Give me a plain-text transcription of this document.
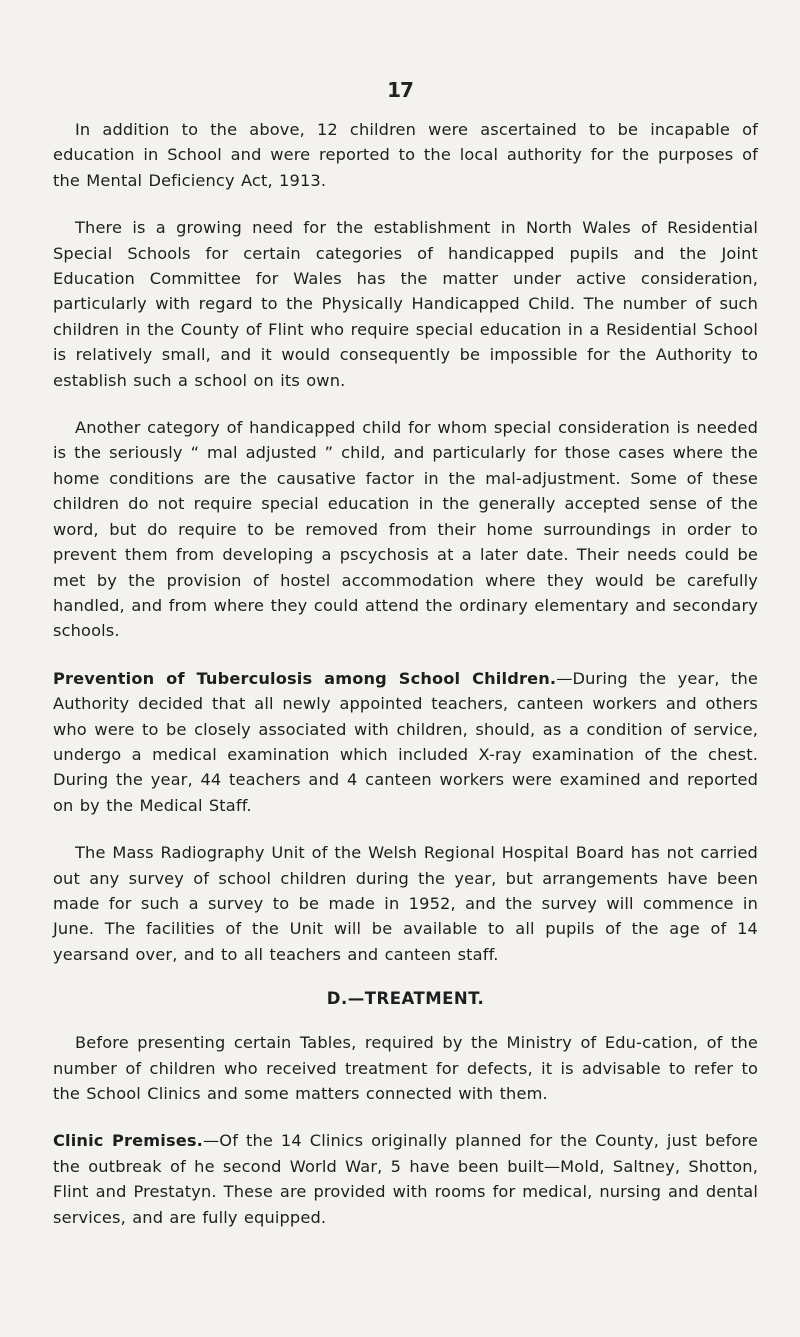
17

In addition to the above, 12 children were ascertained to be incapable of education in School and were reported to the local authority for the purposes of the Mental Deficiency Act, 1913.

There is a growing need for the establishment in North Wales of Residential Special Schools for certain categories of handicapped pupils and the Joint Education Committee for Wales has the matter under active consideration, particularly with regard to the Physically Handicapped Child. The number of such children in the County of Flint who require special education in a Residential School is relatively small, and it would consequently be impossible for the Authority to establish such a school on its own.

Another category of handicapped child for whom special consideration is needed is the seriously “ mal adjusted ” child, and particularly for those cases where the home conditions are the causative factor in the mal-adjustment. Some of these children do not require special education in the generally accepted sense of the word, but do require to be removed from their home surroundings in order to prevent them from developing a pscychosis at a later date. Their needs could be met by the provision of hostel accommodation where they would be carefully handled, and from where they could attend the ordinary elementary and secondary schools.

Prevention of Tuberculosis among School Children.—During the year, the Authority decided that all newly appointed teachers, canteen workers and others who were to be closely associated with children, should, as a condition of service, undergo a medical examination which included X-ray examination of the chest. During the year, 44 teachers and 4 canteen workers were examined and reported on by the Medical Staff.

The Mass Radiography Unit of the Welsh Regional Hospital Board has not carried out any survey of school children during the year, but arrangements have been made for such a survey to be made in 1952, and the survey will commence in June. The facilities of the Unit will be available to all pupils of the age of 14 yearsand over, and to all teachers and canteen staff.

D.—TREATMENT.

Before presenting certain Tables, required by the Ministry of Edu-cation, of the number of children who received treatment for defects, it is advisable to refer to the School Clinics and some matters connected with them.

Clinic Premises.—Of the 14 Clinics originally planned for the County, just before the outbreak of he second World War, 5 have been built—Mold, Saltney, Shotton, Flint and Prestatyn. These are provided with rooms for medical, nursing and dental services, and are fully equipped.
